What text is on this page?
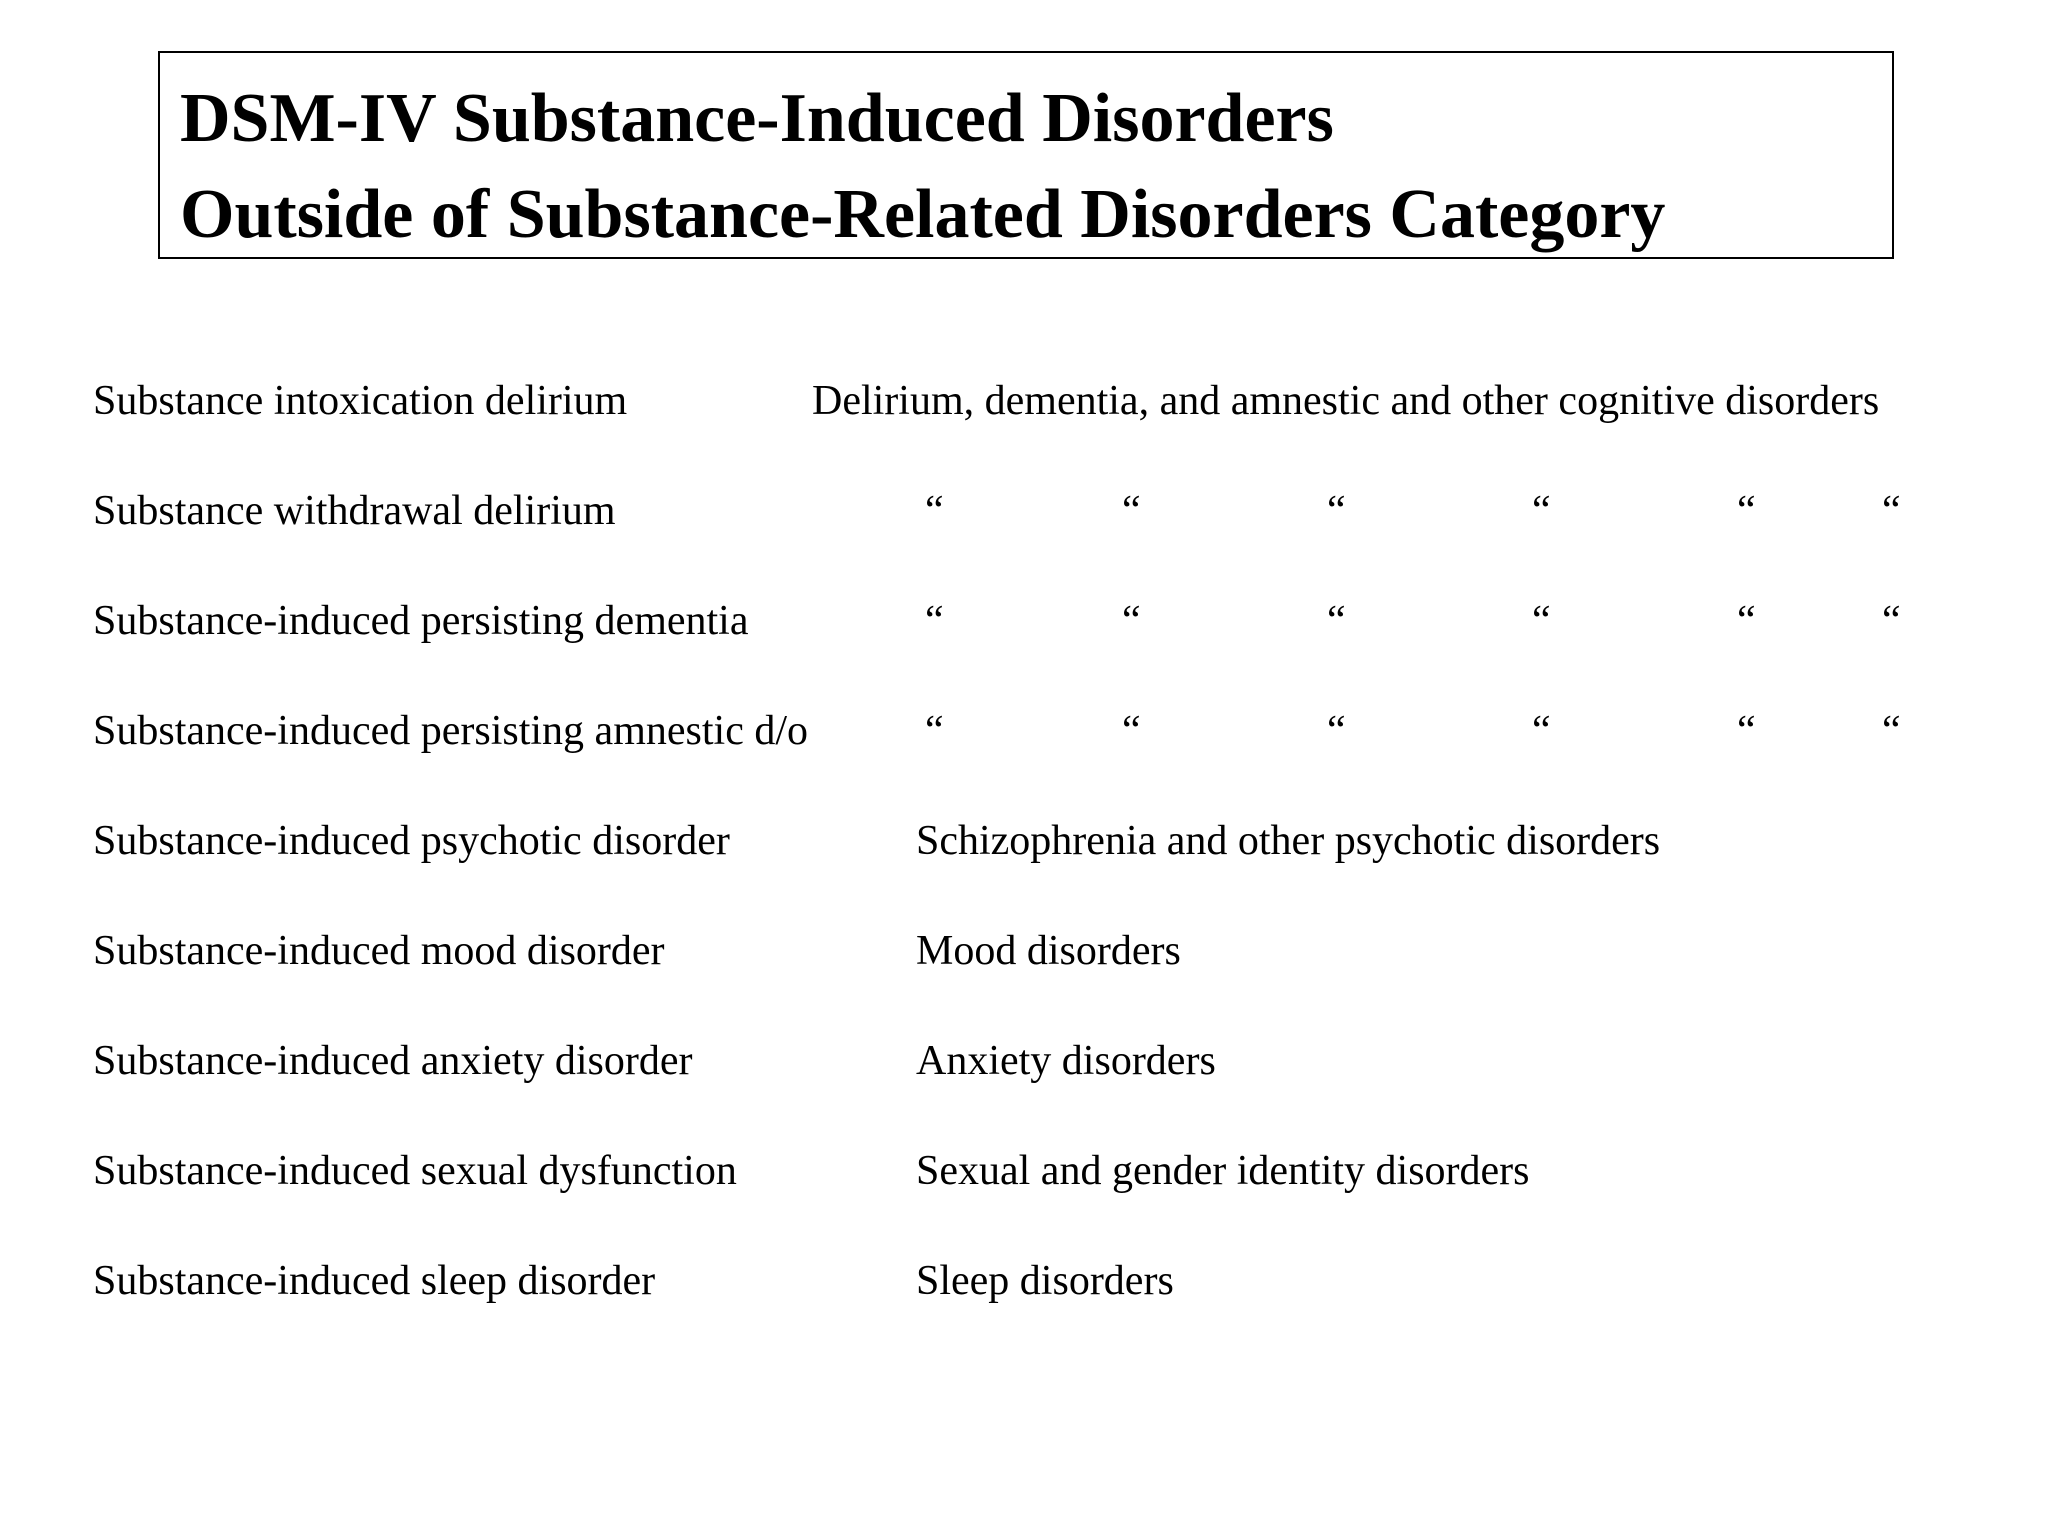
DSM-IV Substance-Induced Disorders
Outside of Substance-Related Disorders Category
Substance intoxication delirium	Delirium, dementia, and amnestic and other cognitive disorders
Substance withdrawal delirium	“	“	“	“	“	“
Substance-induced persisting dementia	“	“	“	“	“	“
Substance-induced persisting amnestic d/o	“	“	“	“	“	“
Substance-induced psychotic disorder	Schizophrenia and other psychotic disorders
Substance-induced mood disorder	Mood disorders
Substance-induced anxiety disorder	Anxiety disorders
Substance-induced sexual dysfunction	Sexual and gender identity disorders
Substance-induced sleep disorder	Sleep disorders
